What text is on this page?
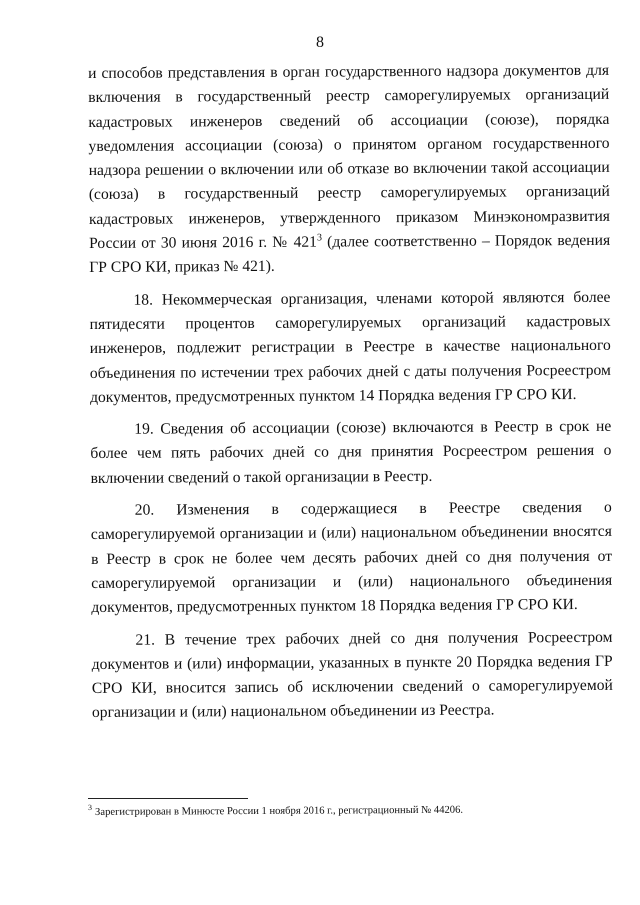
8

и способов представления в орган государственного надзора документов для включения в государственный реестр саморегулируемых организаций кадастровых инженеров сведений об ассоциации (союзе), порядка уведомления ассоциации (союза) о принятом органом государственного надзора решении о включении или об отказе во включении такой ассоциации (союза) в государственный реестр саморегулируемых организаций кадастровых инженеров, утвержденного приказом Минэкономразвития России от 30 июня 2016 г. № $421^3$ (далее соответственно – Порядок ведения ГР СРО КИ, приказ № 421).

18. Некоммерческая организация, членами которой являются более пятидесяти процентов саморегулируемых организаций кадастровых инженеров, подлежит регистрации в Реестре в качестве национального объединения по истечении трех рабочих дней с даты получения Росреестром документов, предусмотренных пунктом 14 Порядка ведения ГР СРО КИ.

19. Сведения об ассоциации (союзе) включаются в Реестр в срок не более чем пять рабочих дней со дня принятия Росреестром решения о включении сведений о такой организации в Реестр.

20. Изменения в содержащиеся в Реестре сведения о саморегулируемой организации и (или) национальном объединении вносятся в Реестр в срок не более чем десять рабочих дней со дня получения от саморегулируемой организации и (или) национального объединения документов, предусмотренных пунктом 18 Порядка ведения ГР СРО КИ.

21. В течение трех рабочих дней со дня получения Росреестром документов и (или) информации, указанных в пункте 20 Порядка ведения ГР СРО КИ, вносится запись об исключении сведений о саморегулируемой организации и (или) национальном объединении из Реестра.

$^3$ Зарегистрирован в Минюсте России 1 ноября 2016 г., регистрационный № 44206.
